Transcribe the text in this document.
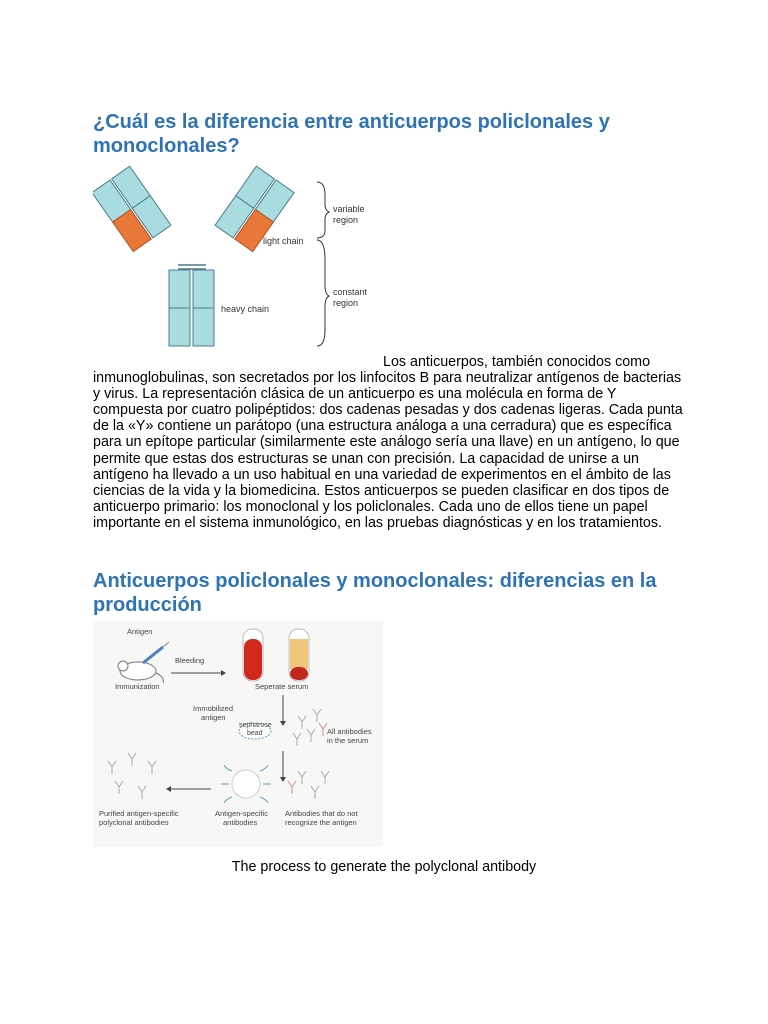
¿Cuál es la diferencia entre anticuerpos policlonales y monoclonales?
variable region
constant region
light chain
heavy chain

Los anticuerpos, también conocidos como inmunoglobulinas, son secretados por los linfocitos B para neutralizar antígenos de bacterias y virus. La representación clásica de un anticuerpo es una molécula en forma de Y compuesta por cuatro polipéptidos: dos cadenas pesadas y dos cadenas ligeras. Cada punta de la «Y» contiene un parátopo (una estructura análoga a una cerradura) que es específica para un epítope particular (similarmente este análogo sería una llave) en un antígeno, lo que permite que estas dos estructuras se unan con precisión. La capacidad de unirse a un antígeno ha llevado a un uso habitual en una variedad de experimentos en el ámbito de las ciencias de la vida y la biomedicina. Estos anticuerpos se pueden clasificar en dos tipos de anticuerpo primario: los monoclonal y los policlonales. Cada uno de ellos tiene un papel importante en el sistema inmunológico, en las pruebas diagnósticas y en los tratamientos.

Anticuerpos policlonales y monoclonales: diferencias en la producción
Antigen
Bleeding
Immunization	Seperate serum
Immobilized antigen
sepharose bead	All antibodies in the serum
Purified antigen-specific polyclonal antibodies
Antigen-specific antibodies
Antibodies that do not recognize the antigen
The process to generate the polyclonal antibody
